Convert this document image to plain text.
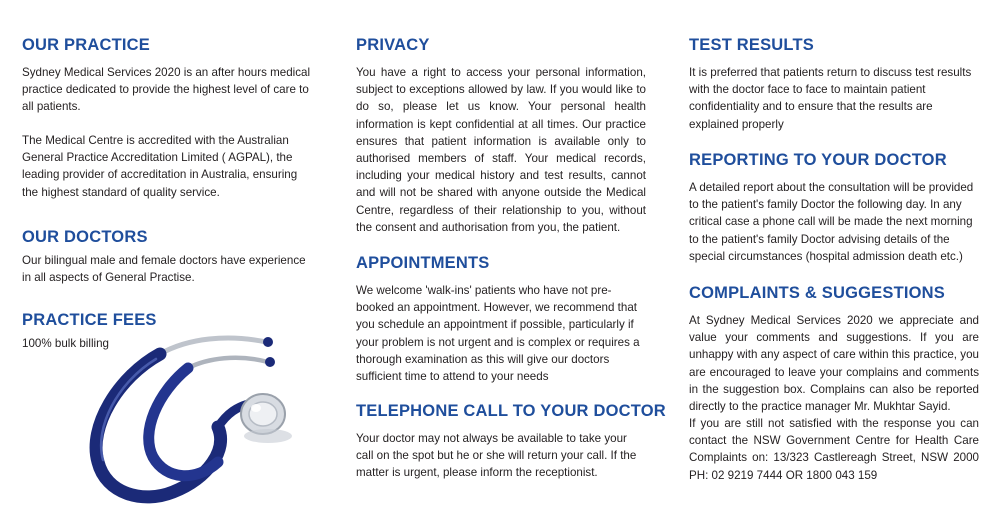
OUR PRACTICE

Sydney Medical Services 2020 is an after hours medical practice dedicated to provide the highest level of care to all patients.

The Medical Centre is accredited with the Australian General Practice Accreditation Limited ( AGPAL), the leading provider of accreditation in Australia, ensuring the highest standard of quality service.

OUR DOCTORS

Our bilingual male and female doctors have experience in all aspects of General Practise.

PRACTICE FEES

100% bulk billing

PRIVACY

You have a right to access your personal information, subject to exceptions allowed by law. If you would like to do so, please let us know. Your personal health information is kept confidential at all times. Our practice ensures that patient information is available only to authorised members of staff. Your medical records, including your medical history and test results, cannot and will not be shared with anyone outside the Medical Centre, regardless of their relationship to you, without the consent and authorisation from you, the patient.

APPOINTMENTS

We welcome 'walk-ins' patients who have not pre-booked an appointment. However, we recommend that you schedule an appointment if possible, particularly if your problem is not urgent and is complex or requires a thorough examination as this will give our doctors sufficient time to attend to your needs

TELEPHONE CALL TO YOUR DOCTOR

Your doctor may not always be available to take your call on the spot but he or she will return your call. If the matter is urgent, please inform the receptionist.

TEST RESULTS

It is preferred that patients return to discuss test results with the doctor face to face to maintain patient confidentiality and to ensure that the results are explained properly

REPORTING TO YOUR DOCTOR

A detailed report about the consultation will be provided to the patient's family Doctor the following day. In any critical case a phone call will be made the next morning to the patient's family Doctor advising details of the special circumstances (hospital admission death etc.)

COMPLAINTS & SUGGESTIONS

At Sydney Medical Services 2020 we appreciate and value your comments and suggestions. If you are unhappy with any aspect of care within this practice, you are encouraged to leave your complains and comments in the suggestion box. Complains can also be reported directly to the practice manager Mr. Mukhtar Sayid.

If you are still not satisfied with the response you can contact the NSW Government Centre for Health Care Complaints on: 13/323 Castlereagh Street, NSW 2000 PH: 02 9219 7444 OR 1800 043 159
